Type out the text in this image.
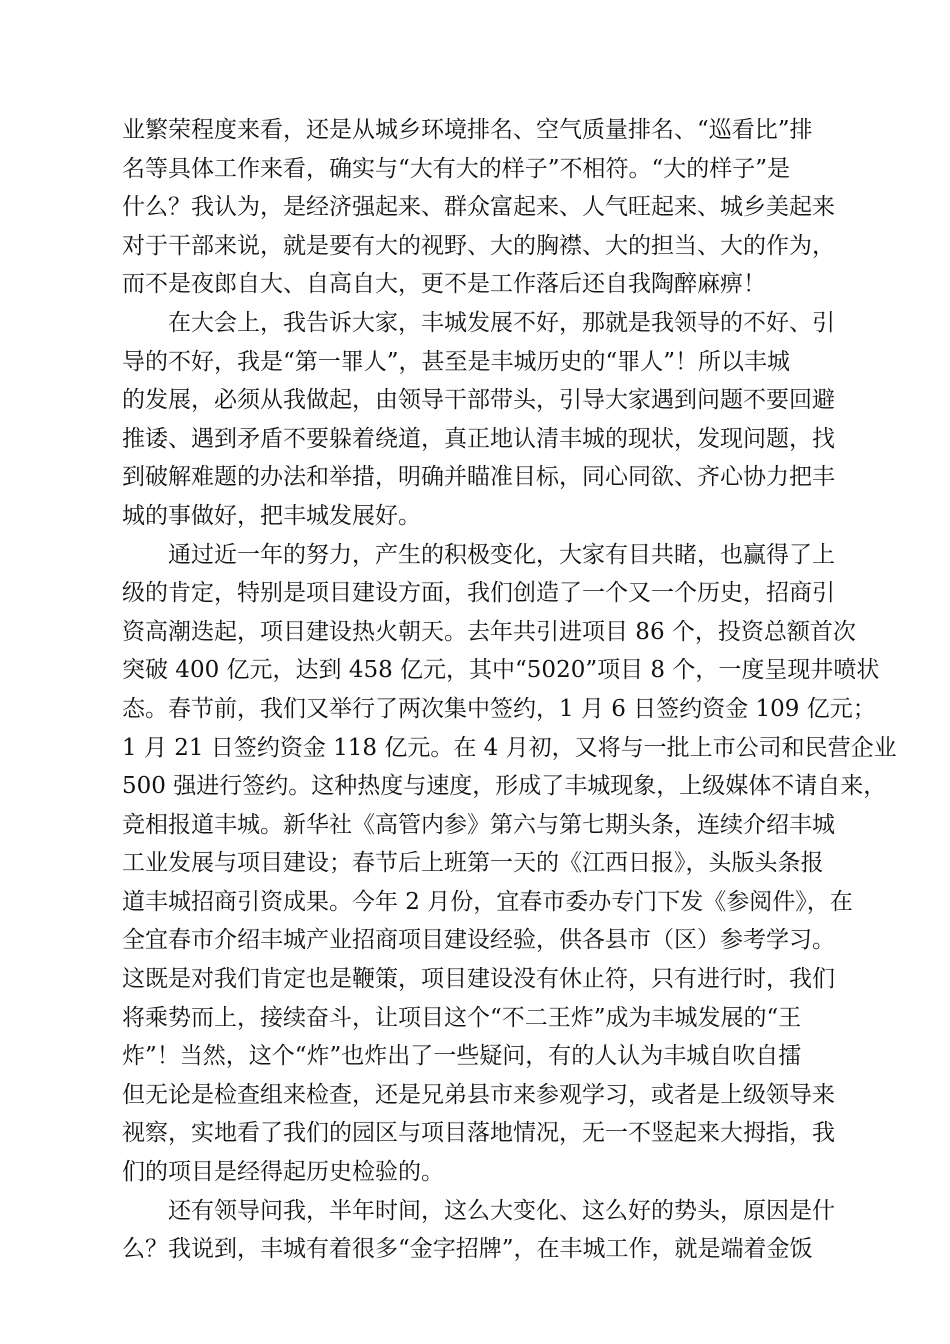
业繁荣程度来看，还是从城乡环境排名、空气质量排名、“巡看比”排
名等具体工作来看，确实与“大有大的样子”不相符。“大的样子”是
什么？我认为，是经济强起来、群众富起来、人气旺起来、城乡美起来
对于干部来说，就是要有大的视野、大的胸襟、大的担当、大的作为，
而不是夜郎自大、自高自大，更不是工作落后还自我陶醉麻痹！
在大会上，我告诉大家，丰城发展不好，那就是我领导的不好、引
导的不好，我是“第一罪人”，甚至是丰城历史的“罪人”！所以丰城
的发展，必须从我做起，由领导干部带头，引导大家遇到问题不要回避
推诿、遇到矛盾不要躲着绕道，真正地认清丰城的现状，发现问题，找
到破解难题的办法和举措，明确并瞄准目标，同心同欲、齐心协力把丰
城的事做好，把丰城发展好。
通过近一年的努力，产生的积极变化，大家有目共睹，也赢得了上
级的肯定，特别是项目建设方面，我们创造了一个又一个历史，招商引
资高潮迭起，项目建设热火朝天。去年共引进项目 86 个，投资总额首次
突破 400 亿元，达到 458 亿元，其中“5020”项目 8 个，一度呈现井喷状
态。春节前，我们又举行了两次集中签约，1 月 6 日签约资金 109 亿元；
1 月 21 日签约资金 118 亿元。在 4 月初，又将与一批上市公司和民营企业
500 强进行签约。这种热度与速度，形成了丰城现象，上级媒体不请自来，
竞相报道丰城。新华社《高管内参》第六与第七期头条，连续介绍丰城
工业发展与项目建设；春节后上班第一天的《江西日报》，头版头条报
道丰城招商引资成果。今年 2 月份，宜春市委办专门下发《参阅件》，在
全宜春市介绍丰城产业招商项目建设经验，供各县市（区）参考学习。
这既是对我们肯定也是鞭策，项目建设没有休止符，只有进行时，我们
将乘势而上，接续奋斗，让项目这个“不二王炸”成为丰城发展的“王
炸”！当然，这个“炸”也炸出了一些疑问，有的人认为丰城自吹自擂
但无论是检查组来检查，还是兄弟县市来参观学习，或者是上级领导来
视察，实地看了我们的园区与项目落地情况，无一不竖起来大拇指，我
们的项目是经得起历史检验的。
还有领导问我，半年时间，这么大变化、这么好的势头，原因是什
么？我说到，丰城有着很多“金字招牌”，在丰城工作，就是端着金饭
